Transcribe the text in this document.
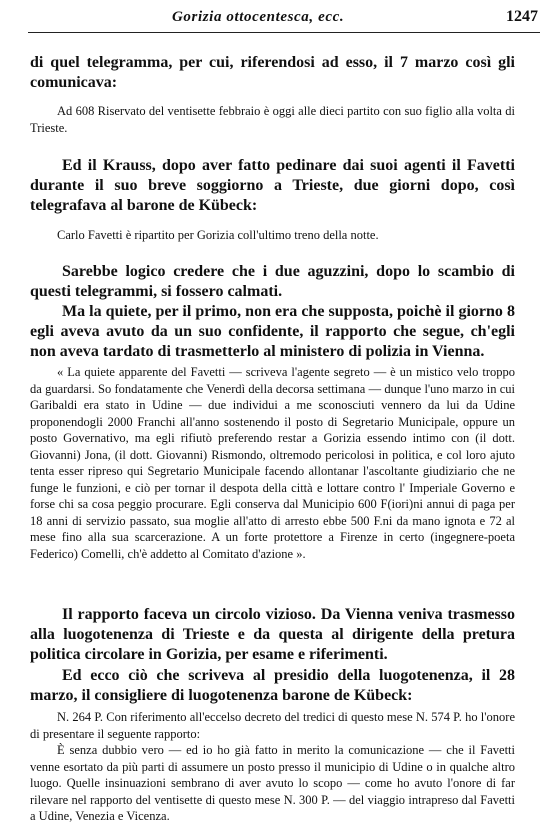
Gorizia ottocentesca, ecc.	1247

di quel telegramma, per cui, riferendosi ad esso, il 7 marzo così gli comunicava:

Ad 608 Riservato del ventisette febbraio è oggi alle dieci partito con suo figlio alla volta di Trieste.

Ed il Krauss, dopo aver fatto pedinare dai suoi agenti il Favetti durante il suo breve soggiorno a Trieste, due giorni dopo, così telegrafava al barone de Kübeck:

Carlo Favetti è ripartito per Gorizia coll'ultimo treno della notte.

Sarebbe logico credere che i due aguzzini, dopo lo scambio di questi telegrammi, si fossero calmati.

Ma la quiete, per il primo, non era che supposta, poichè il giorno 8 egli aveva avuto da un suo confidente, il rapporto che segue, ch'egli non aveva tardato di trasmetterlo al ministero di polizia in Vienna.

« La quiete apparente del Favetti — scriveva l'agente segreto — è un mistico velo troppo da guardarsi. So fondatamente che Venerdì della decorsa settimana — dunque l'uno marzo in cui Garibaldi era stato in Udine — due individui a me sconosciuti vennero da lui da Udine proponendogli 2000 Franchi all'anno sostenendo il posto di Segretario Municipale, oppure un posto Governativo, ma egli rifiutò preferendo restar a Gorizia essendo intimo con (il dott. Giovanni) Jona, (il dott. Giovanni) Rismondo, oltremodo pericolosi in politica, e col loro ajuto tenta esser ripreso qui Segretario Municipale facendo allontanar l'ascoltante giudiziario che ne funge le funzioni, e ciò per tornar il despota della città e lottare contro l' Imperiale Governo e forse chi sa cosa peggio procurare. Egli conserva dal Municipio 600 F(iori)ni annui di paga per 18 anni di servizio passato, sua moglie all'atto di arresto ebbe 500 F.ni da mano ignota e 72 al mese fino alla sua scarcerazione. A un forte protettore a Firenze in certo (ingegnere-poeta Federico) Comelli, ch'è addetto al Comitato d'azione ».

Il rapporto faceva un circolo vizioso. Da Vienna veniva trasmesso alla luogotenenza di Trieste e da questa al dirigente della pretura politica circolare in Gorizia, per esame e riferimenti.

Ed ecco ciò che scriveva al presidio della luogotenenza, il 28 marzo, il consigliere di luogotenenza barone de Kübeck:

N. 264 P. Con riferimento all'eccelso decreto del tredici di questo mese N. 574 P. ho l'onore di presentare il seguente rapporto:
È senza dubbio vero — ed io ho già fatto in merito la comunicazione — che il Favetti venne esortato da più parti di assumere un posto presso il municipio di Udine o in qualche altro luogo. Quelle insinuazioni sembrano di aver avuto lo scopo — come ho avuto l'onore di far rilevare nel rapporto del ventisette di questo mese N. 300 P. — del viaggio intrapreso dal Favetti a Udine, Venezia e Vicenza.
